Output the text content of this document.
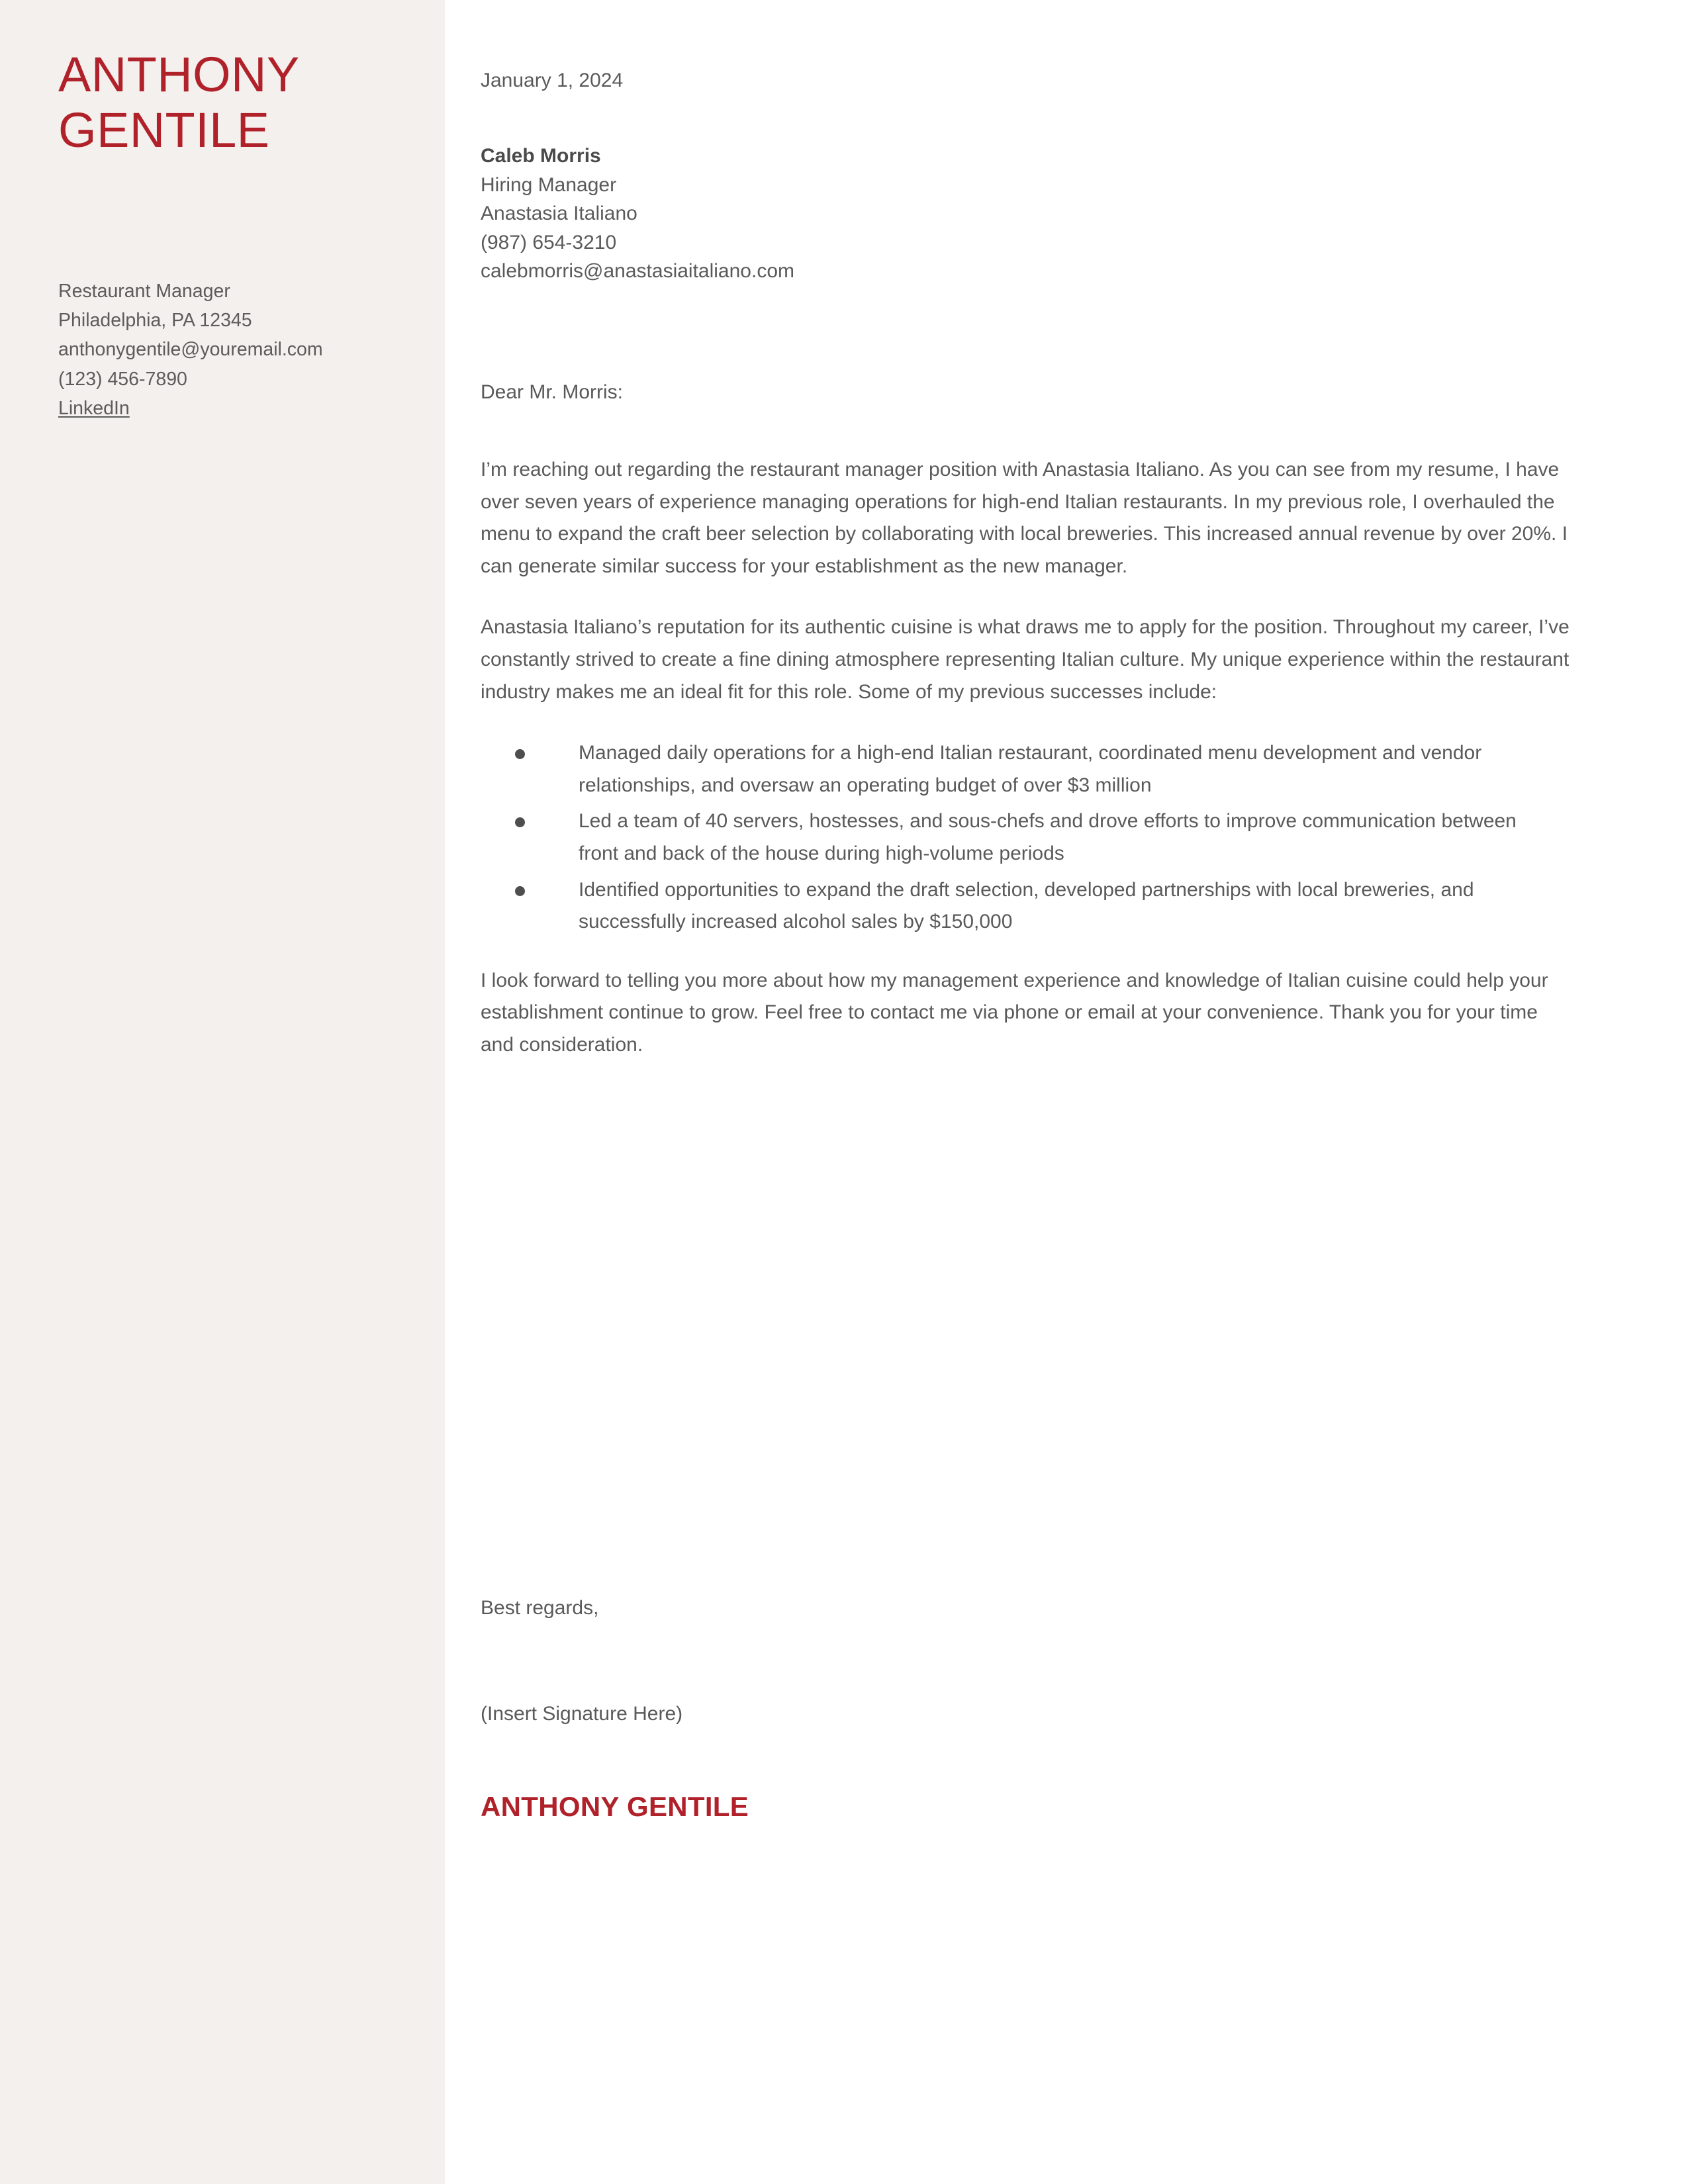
ANTHONY
GENTILE
Restaurant Manager
Philadelphia, PA 12345
anthonygentile@youremail.com
(123) 456-7890
LinkedIn
January 1, 2024
Caleb Morris
Hiring Manager
Anastasia Italiano
(987) 654-3210
calebmorris@anastasiaitaliano.com
Dear Mr. Morris:

I’m reaching out regarding the restaurant manager position with Anastasia Italiano. As you can see from my resume, I have over seven years of experience managing operations for high-end Italian restaurants. In my previous role, I overhauled the menu to expand the craft beer selection by collaborating with local breweries. This increased annual revenue by over 20%. I can generate similar success for your establishment as the new manager.

Anastasia Italiano’s reputation for its authentic cuisine is what draws me to apply for the position. Throughout my career, I’ve constantly strived to create a fine dining atmosphere representing Italian culture. My unique experience within the restaurant industry makes me an ideal fit for this role. Some of my previous successes include:

Managed daily operations for a high-end Italian restaurant, coordinated menu development and vendor relationships, and oversaw an operating budget of over $3 million
Led a team of 40 servers, hostesses, and sous-chefs and drove efforts to improve communication between front and back of the house during high-volume periods
Identified opportunities to expand the draft selection, developed partnerships with local breweries, and successfully increased alcohol sales by $150,000

I look forward to telling you more about how my management experience and knowledge of Italian cuisine could help your establishment continue to grow. Feel free to contact me via phone or email at your convenience. Thank you for your time and consideration.

Best regards,

(Insert Signature Here)

ANTHONY GENTILE
